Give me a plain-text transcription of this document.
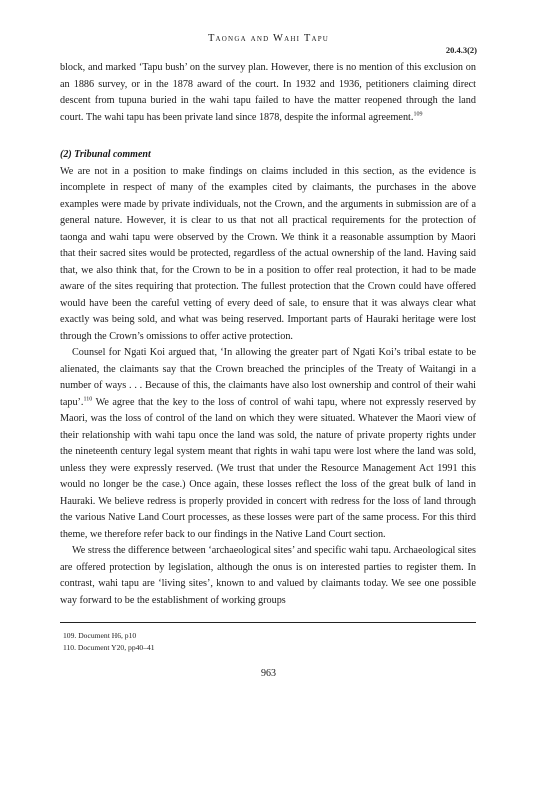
Taonga and Wahi Tapu
20.4.3(2)

block, and marked ‘Tapu bush’ on the survey plan. However, there is no mention of this exclusion on an 1886 survey, or in the 1878 award of the court. In 1932 and 1936, petitioners claiming direct descent from tupuna buried in the wahi tapu failed to have the matter reopened through the land court. The wahi tapu has been private land since 1878, despite the informal agreement.$^{109}$

(2) Tribunal comment

We are not in a position to make findings on claims included in this section, as the evidence is incomplete in respect of many of the examples cited by claimants, the purchases in the above examples were made by private individuals, not the Crown, and the arguments in submission are of a general nature. However, it is clear to us that not all practical requirements for the protection of taonga and wahi tapu were observed by the Crown. We think it a reasonable assumption by Maori that their sacred sites would be protected, regardless of the actual ownership of the land. Having said that, we also think that, for the Crown to be in a position to offer real protection, it had to be made aware of the sites requiring that protection. The fullest protection that the Crown could have offered would have been the careful vetting of every deed of sale, to ensure that it was always clear what exactly was being sold, and what was being reserved. Important parts of Hauraki heritage were lost through the Crown’s omissions to offer active protection.

Counsel for Ngati Koi argued that, ‘In allowing the greater part of Ngati Koi’s tribal estate to be alienated, the claimants say that the Crown breached the principles of the Treaty of Waitangi in a number of ways . . . Because of this, the claimants have also lost ownership and control of their wahi tapu’.$^{110}$ We agree that the key to the loss of control of wahi tapu, where not expressly reserved by Maori, was the loss of control of the land on which they were situated. Whatever the Maori view of their relationship with wahi tapu once the land was sold, the nature of private property rights under the nineteenth century legal system meant that rights in wahi tapu were lost where the land was sold, unless they were expressly reserved. (We trust that under the Resource Management Act 1991 this would no longer be the case.) Once again, these losses reflect the loss of the great bulk of land in Hauraki. We believe redress is properly provided in concert with redress for the loss of land through the various Native Land Court processes, as these losses were part of the same process. For this third theme, we therefore refer back to our findings in the Native Land Court section.

We stress the difference between ‘archaeological sites’ and specific wahi tapu. Archaeological sites are offered protection by legislation, although the onus is on interested parties to register them. In contrast, wahi tapu are ‘living sites’, known to and valued by claimants today. We see one possible way forward to be the establishment of working groups

109. Document H6, p10
110. Document Y20, pp40–41
963
